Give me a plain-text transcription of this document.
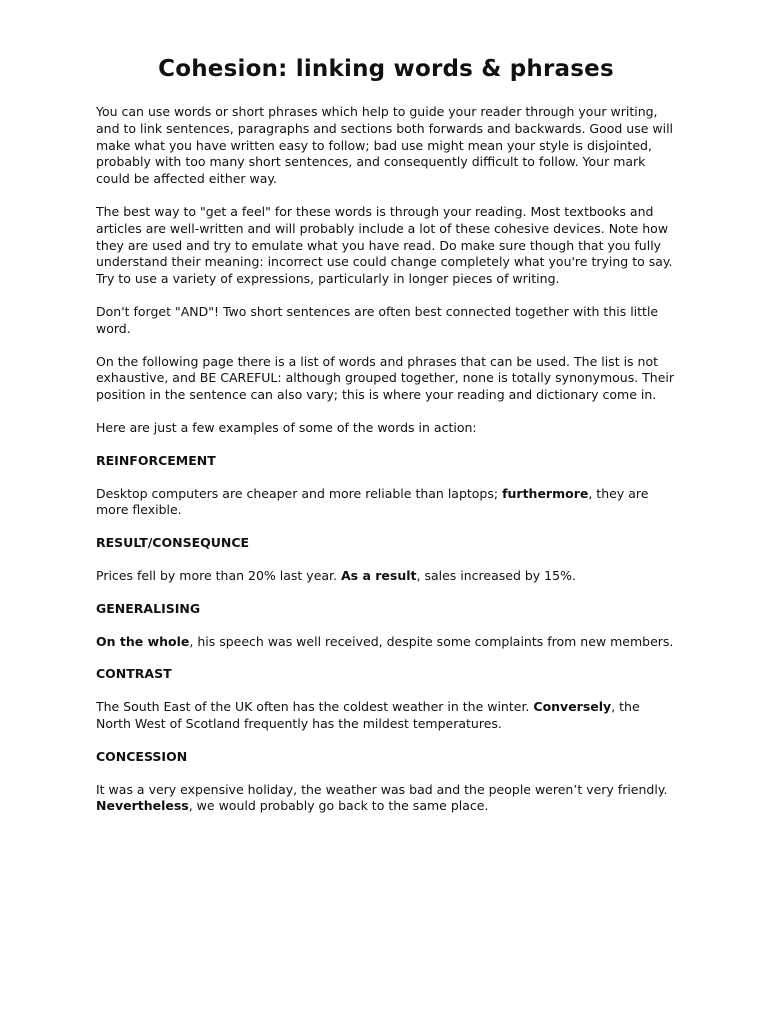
Cohesion: linking words & phrases

You can use words or short phrases which help to guide your reader through your writing, and to link sentences, paragraphs and sections both forwards and backwards. Good use will make what you have written easy to follow; bad use might mean your style is disjointed, probably with too many short sentences, and consequently difficult to follow. Your mark could be affected either way.

The best way to "get a feel" for these words is through your reading. Most textbooks and articles are well-written and will probably include a lot of these cohesive devices. Note how they are used and try to emulate what you have read. Do make sure though that you fully understand their meaning: incorrect use could change completely what you're trying to say. Try to use a variety of expressions, particularly in longer pieces of writing.

Don't forget "AND"! Two short sentences are often best connected together with this little word.

On the following page there is a list of words and phrases that can be used. The list is not exhaustive, and BE CAREFUL: although grouped together, none is totally synonymous. Their position in the sentence can also vary; this is where your reading and dictionary come in.

Here are just a few examples of some of the words in action:

REINFORCEMENT

Desktop computers are cheaper and more reliable than laptops; furthermore, they are more flexible.

RESULT/CONSEQUNCE

Prices fell by more than 20% last year. As a result, sales increased by 15%.

GENERALISING

On the whole, his speech was well received, despite some complaints from new members.

CONTRAST

The South East of the UK often has the coldest weather in the winter. Conversely, the North West of Scotland frequently has the mildest temperatures.

CONCESSION

It was a very expensive holiday, the weather was bad and the people weren’t very friendly. Nevertheless, we would probably go back to the same place.
